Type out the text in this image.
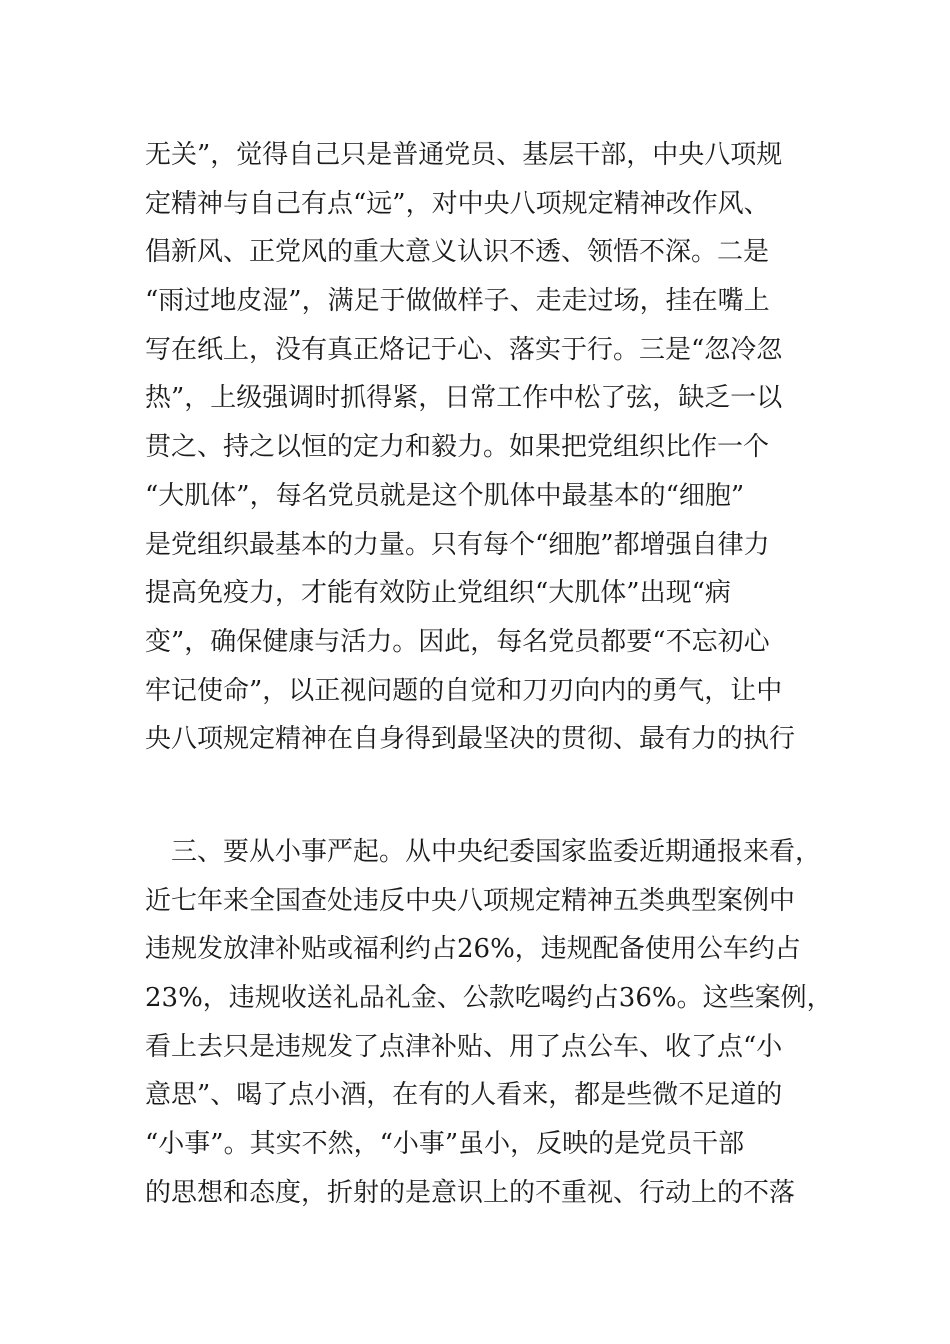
无关”，觉得自己只是普通党员、基层干部，中央八项规
定精神与自己有点“远”，对中央八项规定精神改作风、
倡新风、正党风的重大意义认识不透、领悟不深。二是
“雨过地皮湿”，满足于做做样子、走走过场，挂在嘴上
写在纸上，没有真正烙记于心、落实于行。三是“忽冷忽
热”，上级强调时抓得紧，日常工作中松了弦，缺乏一以
贯之、持之以恒的定力和毅力。如果把党组织比作一个
“大肌体”，每名党员就是这个肌体中最基本的“细胞”
是党组织最基本的力量。只有每个“细胞”都增强自律力
提高免疫力，才能有效防止党组织“大肌体”出现“病
变”，确保健康与活力。因此，每名党员都要“不忘初心
牢记使命”，以正视问题的自觉和刀刃向内的勇气，让中
央八项规定精神在自身得到最坚决的贯彻、最有力的执行
　三、要从小事严起。从中央纪委国家监委近期通报来看，
近七年来全国查处违反中央八项规定精神五类典型案例中
违规发放津补贴或福利约占26%，违规配备使用公车约占
23%，违规收送礼品礼金、公款吃喝约占36%。这些案例，
看上去只是违规发了点津补贴、用了点公车、收了点“小
意思”、喝了点小酒，在有的人看来，都是些微不足道的
“小事”。其实不然，“小事”虽小，反映的是党员干部
的思想和态度，折射的是意识上的不重视、行动上的不落
